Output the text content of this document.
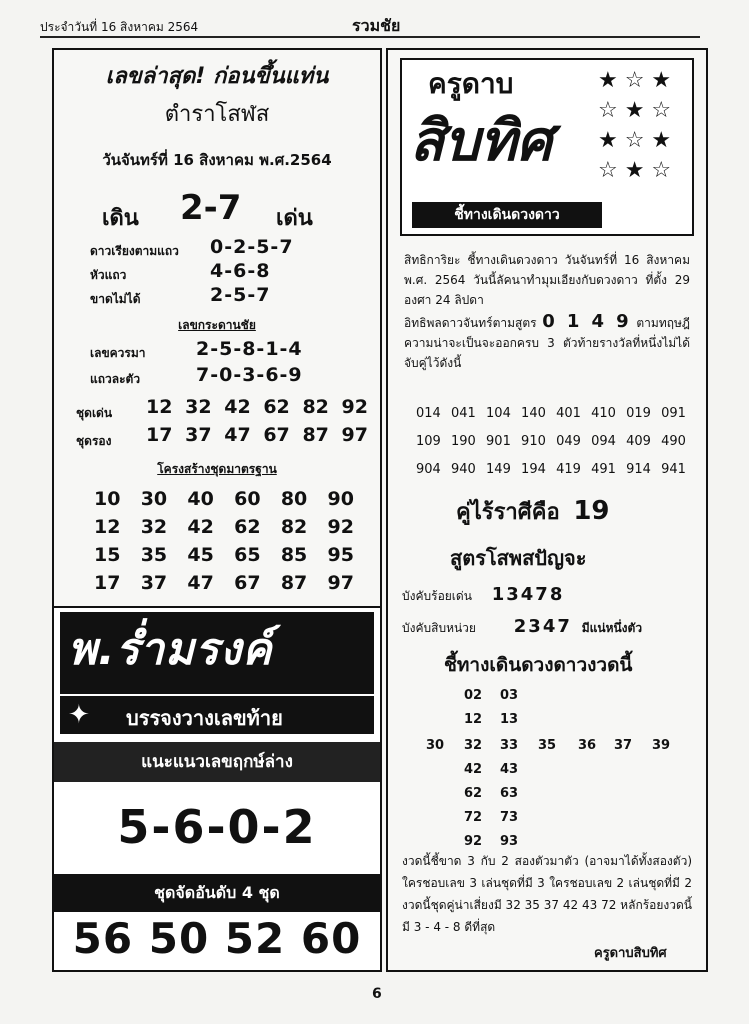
ประจำวันที่ 16 สิงหาคม 2564	รวมชัย
เลขล่าสุด! ก่อนขึ้นแท่น
ตำราโสฬส
วันจันทร์ที่ 16 สิงหาคม พ.ศ.2564
เดิน 2-7 เด่น
ดาวเรียงตามแถว 0-2-5-7
หัวแถว	4-6-8
ขาดไม่ได้	2-5-7
เลขกระดานชัย
เลขควรมา	2-5-8-1-4
แถวละตัว	7-0-3-6-9
ชุดเด่น 12 32 42 62 82 92
ชุดรอง 17 37 47 67 87 97
โครงสร้างชุดมาตรฐาน
10 30 40 60 80 90
12 32 42 62 82 92
15 35 45 65 85 95
17 37 47 67 87 97
พ.ร่ำมรงค์
บรรจงวางเลขท้าย
✦
แนะแนวเลขฤกษ์ล่าง
5-6-0-2
ชุดจัดอันดับ 4 ชุด
56 50 52 60
ครูดาบ
สิบทิศ
ชี้ทางเดินดวงดาว
★ ☆ ★
☆ ★ ☆
★ ☆ ★
☆ ★ ☆
สิทธิการิยะ ชี้ทางเดินดวงดาว วันจันทร์ที่ 16 สิงหาคม พ.ศ. 2564 วันนี้ลัคนาทำมุมเอียงกับดวงดาว ที่ตั้ง 29 องศา 24 ลิปดา
อิทธิพลดาวจันทร์ตามสูตร 0 1 4 9 ตามทฤษฎีความน่าจะเป็นจะออกครบ 3 ตัวท้ายรางวัลที่หนึ่งไม่ได้จับคู่ไว้ดังนี้
014 041 104 140 401 410 019 091
109 190 901 910 049 094 409 490
904 940 149 194 419 491 914 941
คู่ไร้ราศีคือ 19
สูตรโสพสปัญจะ
บังคับร้อยเด่น 13478
บังคับสิบหน่วย 2347 มีแน่หนึ่งตัว
ชี้ทางเดินดวงดาวงวดนี้
02 03
12 13
30 32 33 35 36 37 39
42 43
62 63
72 73
92 93
งวดนี้ชี้ขาด 3 กับ 2 สองตัวมาตัว (อาจมาได้ทั้งสองตัว) ใครชอบเลข 3 เล่นชุดที่มี 3 ใครชอบเลข 2 เล่นชุดที่มี 2 งวดนี้ชุดคู่น่าเสี่ยงมี 32 35 37 42 43 72 หลักร้อยงวดนี้มี 3 - 4 - 8 ดีที่สุด
ครูดาบสิบทิศ
6
